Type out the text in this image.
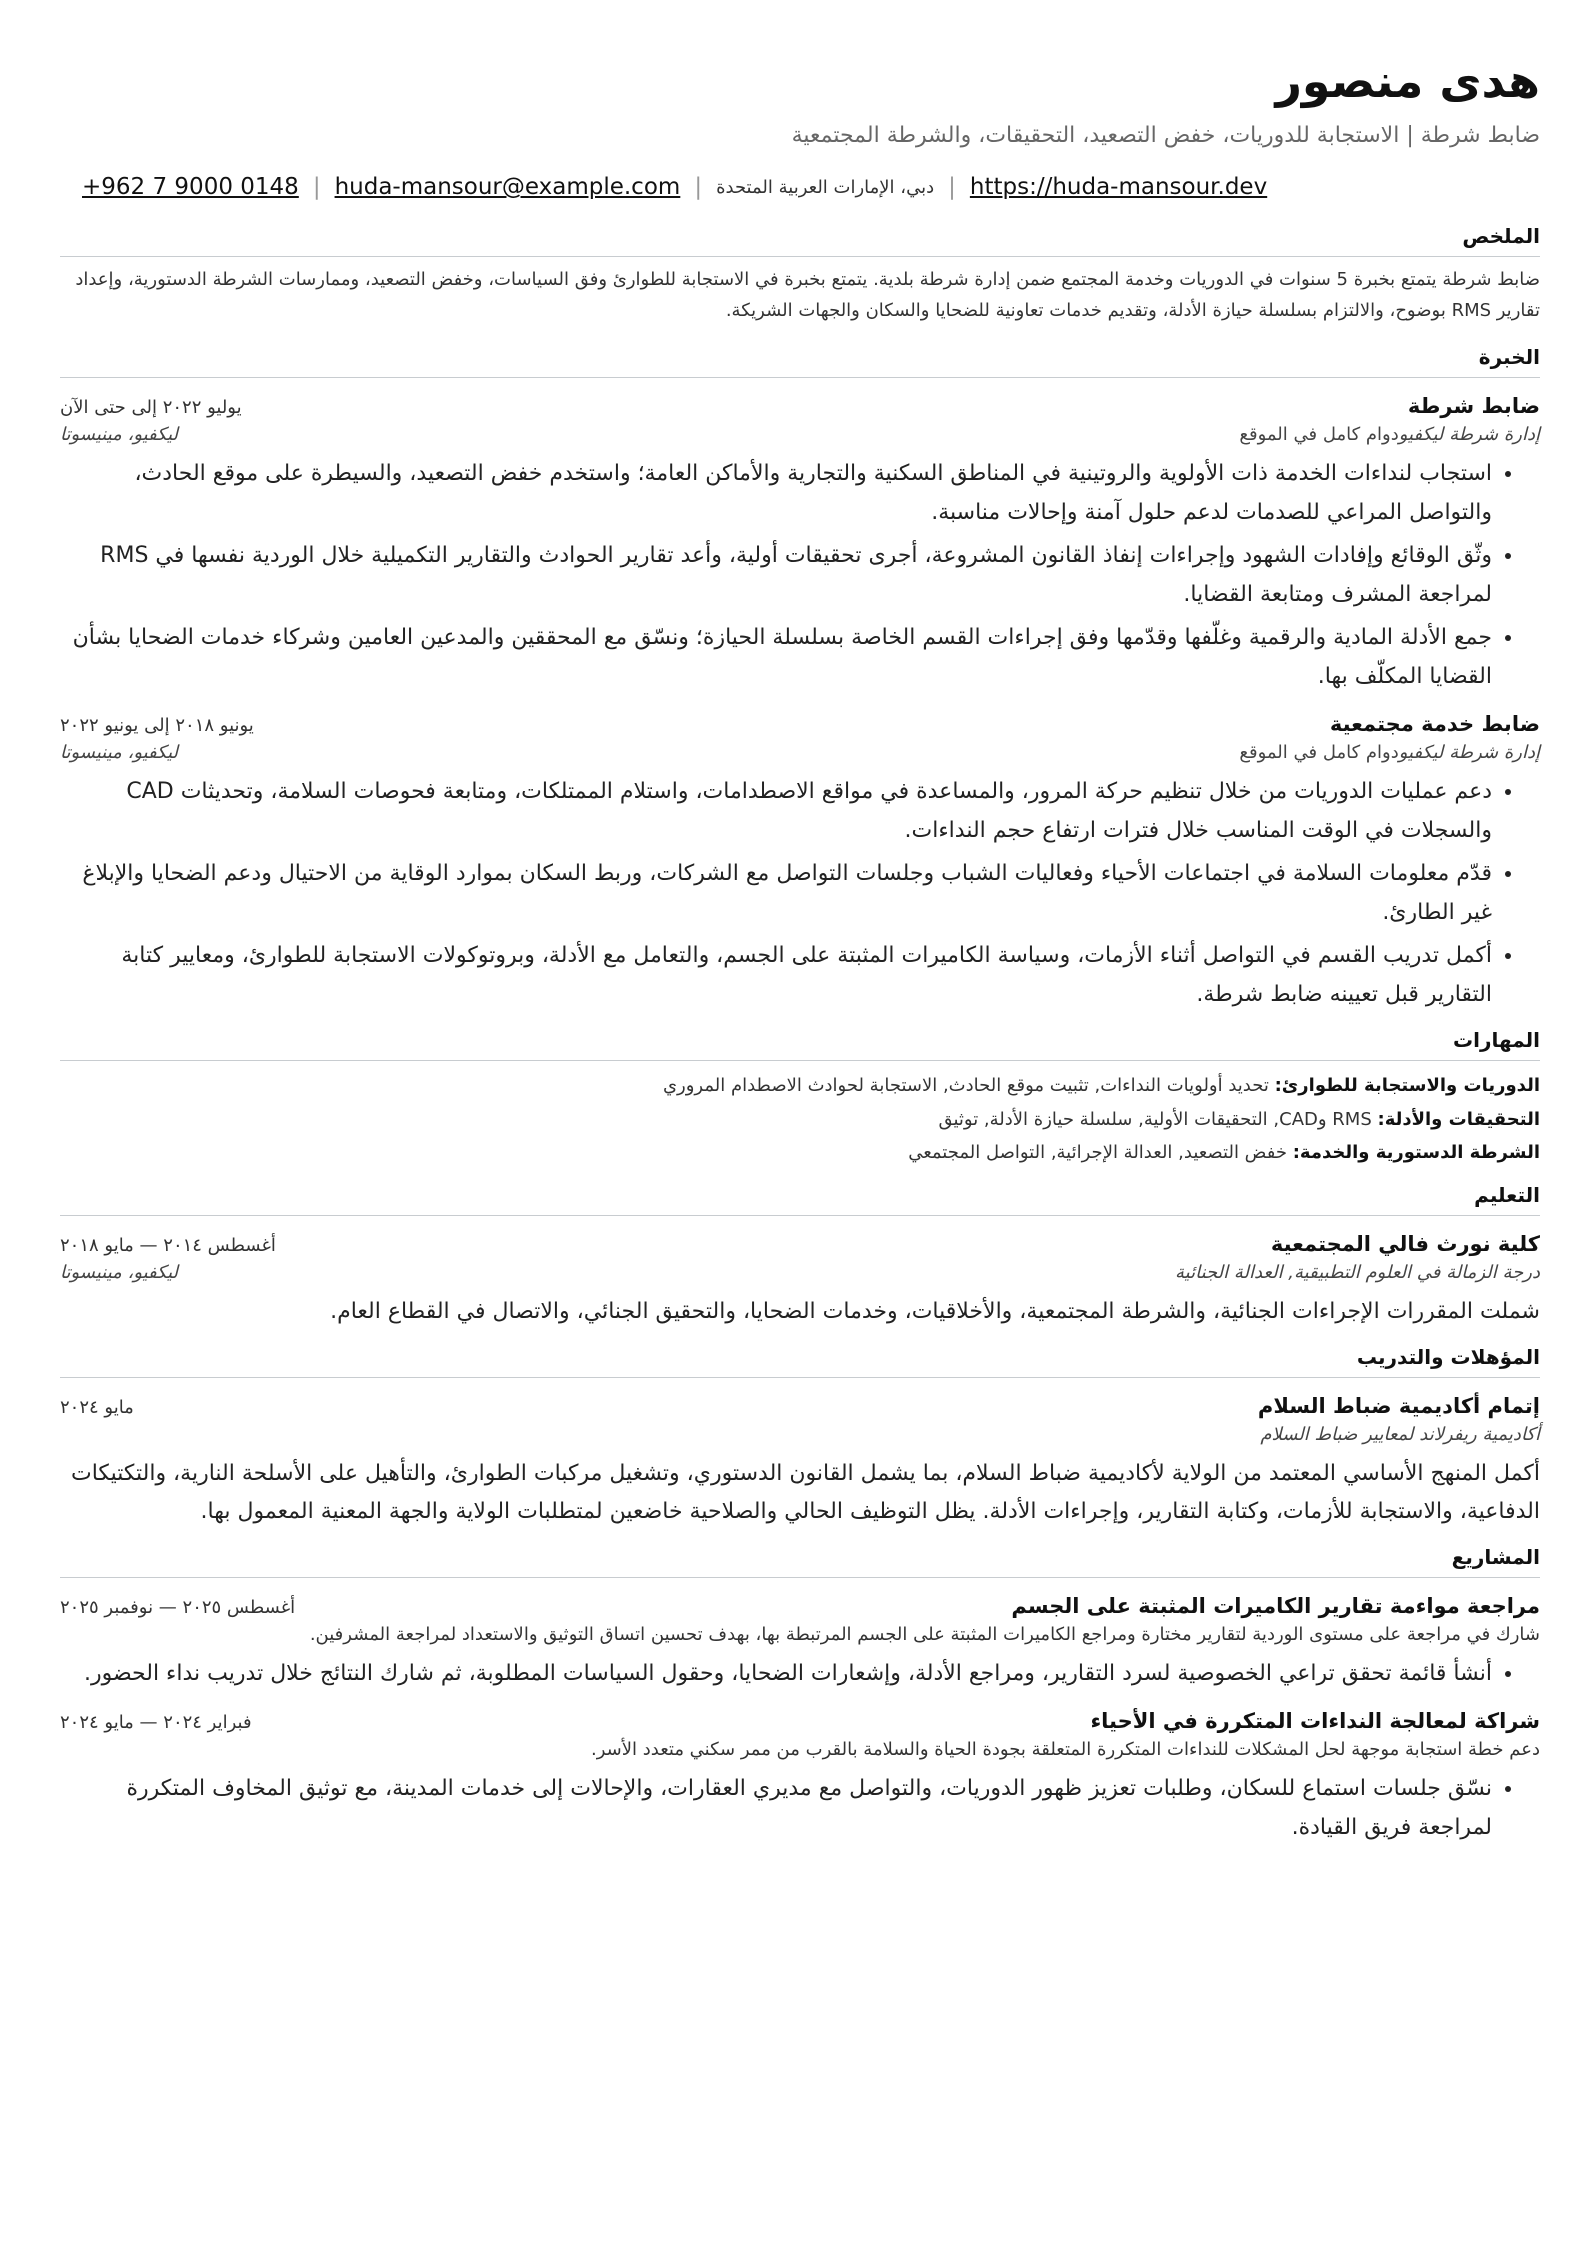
هدى منصور
ضابط شرطة | الاستجابة للدوريات، خفض التصعيد، التحقيقات، والشرطة المجتمعية
+962 7 9000 0148 | huda-mansour@example.com | دبي، الإمارات العربية المتحدة | https://huda-mansour.dev
الملخص
ضابط شرطة يتمتع بخبرة 5 سنوات في الدوريات وخدمة المجتمع ضمن إدارة شرطة بلدية. يتمتع بخبرة في الاستجابة للطوارئ وفق السياسات، وخفض التصعيد، وممارسات الشرطة الدستورية، وإعداد تقارير RMS بوضوح، والالتزام بسلسلة حيازة الأدلة، وتقديم خدمات تعاونية للضحايا والسكان والجهات الشريكة.
الخبرة
ضابط شرطة
يوليو ٢٠٢٢ إلى حتى الآن
إدارة شرطة ليكفيودوام كامل في الموقع
ليكفيو، مينيسوتا
• استجاب لنداءات الخدمة ذات الأولوية والروتينية في المناطق السكنية والتجارية والأماكن العامة؛ واستخدم خفض التصعيد، والسيطرة على موقع الحادث، والتواصل المراعي للصدمات لدعم حلول آمنة وإحالات مناسبة.
• وثّق الوقائع وإفادات الشهود وإجراءات إنفاذ القانون المشروعة، أجرى تحقيقات أولية، وأعد تقارير الحوادث والتقارير التكميلية خلال الوردية نفسها في RMS لمراجعة المشرف ومتابعة القضايا.
• جمع الأدلة المادية والرقمية وغلّفها وقدّمها وفق إجراءات القسم الخاصة بسلسلة الحيازة؛ ونسّق مع المحققين والمدعين العامين وشركاء خدمات الضحايا بشأن القضايا المكلّف بها.
ضابط خدمة مجتمعية
يونيو ٢٠١٨ إلى يونيو ٢٠٢٢
إدارة شرطة ليكفيودوام كامل في الموقع
ليكفيو، مينيسوتا
• دعم عمليات الدوريات من خلال تنظيم حركة المرور، والمساعدة في مواقع الاصطدامات، واستلام الممتلكات، ومتابعة فحوصات السلامة، وتحديثات CAD والسجلات في الوقت المناسب خلال فترات ارتفاع حجم النداءات.
• قدّم معلومات السلامة في اجتماعات الأحياء وفعاليات الشباب وجلسات التواصل مع الشركات، وربط السكان بموارد الوقاية من الاحتيال ودعم الضحايا والإبلاغ غير الطارئ.
• أكمل تدريب القسم في التواصل أثناء الأزمات، وسياسة الكاميرات المثبتة على الجسم، والتعامل مع الأدلة، وبروتوكولات الاستجابة للطوارئ، ومعايير كتابة التقارير قبل تعيينه ضابط شرطة.
المهارات
الدوريات والاستجابة للطوارئ: تحديد أولويات النداءات, تثبيت موقع الحادث, الاستجابة لحوادث الاصطدام المروري
التحقيقات والأدلة: RMS وCAD, التحقيقات الأولية, سلسلة حيازة الأدلة, توثيق
الشرطة الدستورية والخدمة: خفض التصعيد, العدالة الإجرائية, التواصل المجتمعي
التعليم
كلية نورث فالي المجتمعية
أغسطس ٢٠١٤ — مايو ٢٠١٨
درجة الزمالة في العلوم التطبيقية, العدالة الجنائية
ليكفيو، مينيسوتا
شملت المقررات الإجراءات الجنائية، والشرطة المجتمعية، والأخلاقيات، وخدمات الضحايا، والتحقيق الجنائي، والاتصال في القطاع العام.
المؤهلات والتدريب
إتمام أكاديمية ضباط السلام
مايو ٢٠٢٤
أكاديمية ريفرلاند لمعايير ضباط السلام
أكمل المنهج الأساسي المعتمد من الولاية لأكاديمية ضباط السلام، بما يشمل القانون الدستوري، وتشغيل مركبات الطوارئ، والتأهيل على الأسلحة النارية، والتكتيكات الدفاعية، والاستجابة للأزمات، وكتابة التقارير، وإجراءات الأدلة. يظل التوظيف الحالي والصلاحية خاضعين لمتطلبات الولاية والجهة المعنية المعمول بها.
المشاريع
مراجعة مواءمة تقارير الكاميرات المثبتة على الجسم
أغسطس ٢٠٢٥ — نوفمبر ٢٠٢٥
شارك في مراجعة على مستوى الوردية لتقارير مختارة ومراجع الكاميرات المثبتة على الجسم المرتبطة بها، بهدف تحسين اتساق التوثيق والاستعداد لمراجعة المشرفين.
• أنشأ قائمة تحقق تراعي الخصوصية لسرد التقارير، ومراجع الأدلة، وإشعارات الضحايا، وحقول السياسات المطلوبة، ثم شارك النتائج خلال تدريب نداء الحضور.
شراكة لمعالجة النداءات المتكررة في الأحياء
فبراير ٢٠٢٤ — مايو ٢٠٢٤
دعم خطة استجابة موجهة لحل المشكلات للنداءات المتكررة المتعلقة بجودة الحياة والسلامة بالقرب من ممر سكني متعدد الأسر.
• نسّق جلسات استماع للسكان، وطلبات تعزيز ظهور الدوريات، والتواصل مع مديري العقارات، والإحالات إلى خدمات المدينة، مع توثيق المخاوف المتكررة لمراجعة فريق القيادة.
